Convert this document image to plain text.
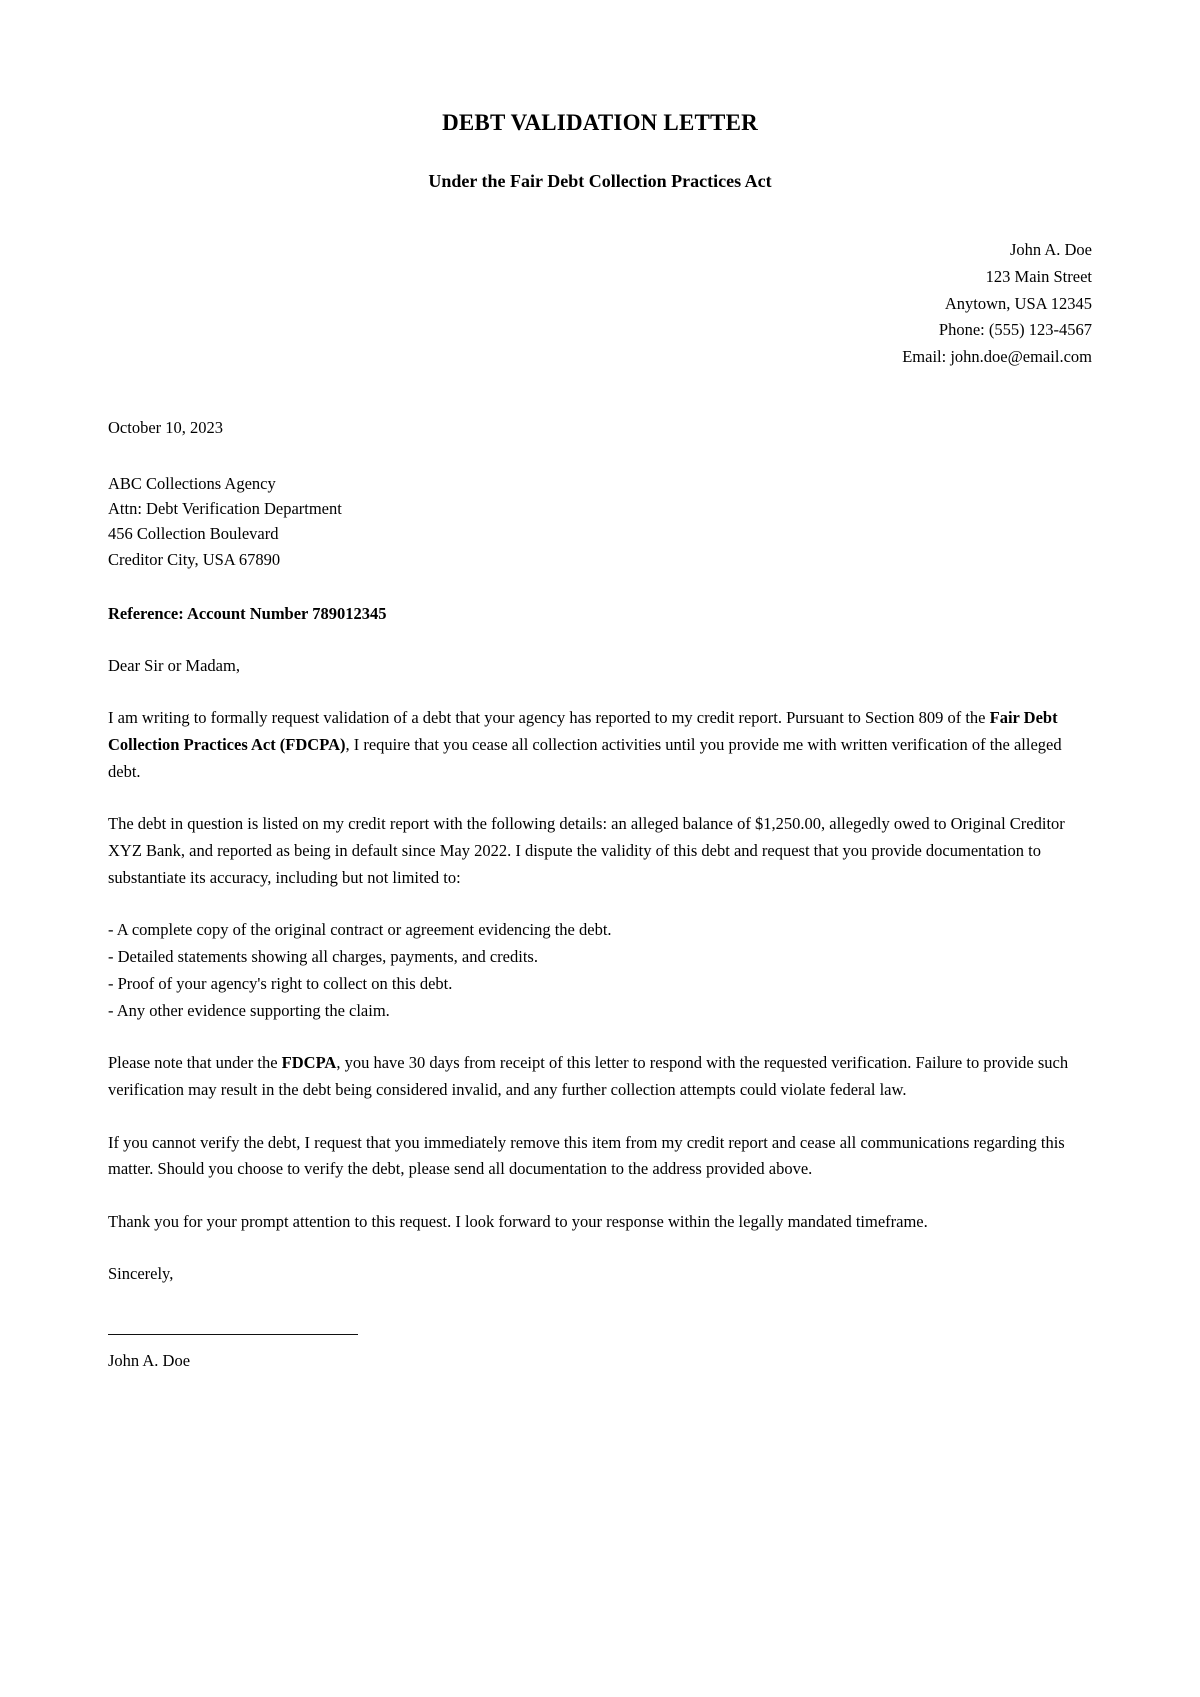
DEBT VALIDATION LETTER
Under the Fair Debt Collection Practices Act
John A. Doe
123 Main Street
Anytown, USA 12345
Phone: (555) 123-4567
Email: john.doe@email.com
October 10, 2023
ABC Collections Agency
Attn: Debt Verification Department
456 Collection Boulevard
Creditor City, USA 67890
Reference: Account Number 789012345
Dear Sir or Madam,

I am writing to formally request validation of a debt that your agency has reported to my credit report. Pursuant to Section 809 of the Fair Debt Collection Practices Act (FDCPA), I require that you cease all collection activities until you provide me with written verification of the alleged debt.

The debt in question is listed on my credit report with the following details: an alleged balance of $1,250.00, allegedly owed to Original Creditor XYZ Bank, and reported as being in default since May 2022. I dispute the validity of this debt and request that you provide documentation to substantiate its accuracy, including but not limited to:

- A complete copy of the original contract or agreement evidencing the debt.
- Detailed statements showing all charges, payments, and credits.
- Proof of your agency's right to collect on this debt.
- Any other evidence supporting the claim.

Please note that under the FDCPA, you have 30 days from receipt of this letter to respond with the requested verification. Failure to provide such verification may result in the debt being considered invalid, and any further collection attempts could violate federal law.

If you cannot verify the debt, I request that you immediately remove this item from my credit report and cease all communications regarding this matter. Should you choose to verify the debt, please send all documentation to the address provided above.

Thank you for your prompt attention to this request. I look forward to your response within the legally mandated timeframe.

Sincerely,
John A. Doe
